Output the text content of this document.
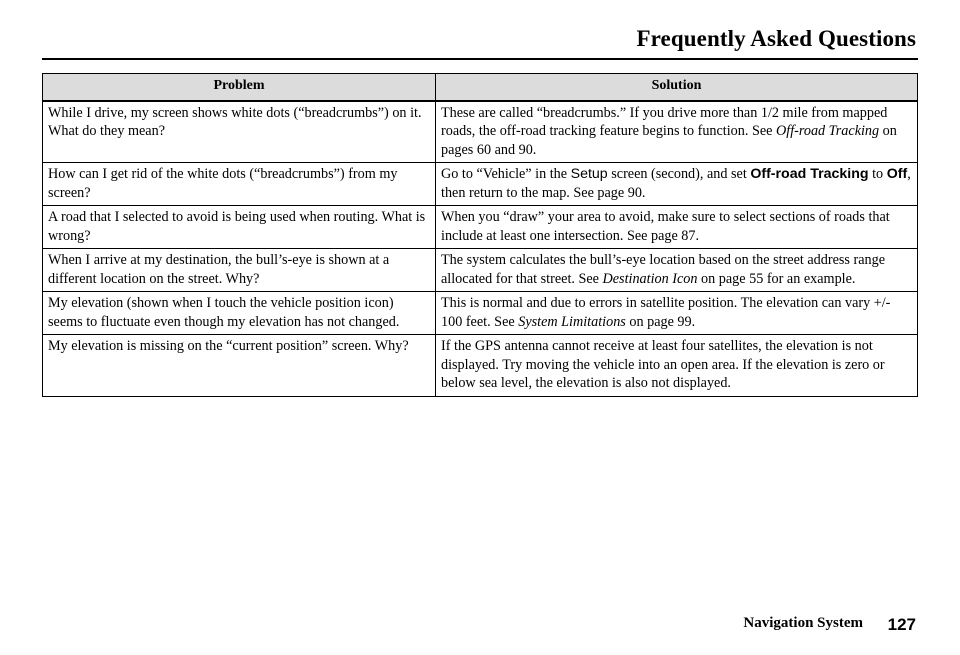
Frequently Asked Questions
Problem	Solution
While I drive, my screen shows white dots (“breadcrumbs”) on it. What do they mean?	These are called “breadcrumbs.” If you drive more than 1/2 mile from mapped roads, the off-road tracking feature begins to function. See Off-road Tracking on pages 60 and 90.
How can I get rid of the white dots (“breadcrumbs”) from my screen?	Go to “Vehicle” in the Setup screen (second), and set Off-road Tracking to Off, then return to the map. See page 90.
A road that I selected to avoid is being used when routing. What is wrong?	When you “draw” your area to avoid, make sure to select sections of roads that include at least one intersection. See page 87.
When I arrive at my destination, the bull’s-eye is shown at a different location on the street. Why?	The system calculates the bull’s-eye location based on the street address range allocated for that street. See Destination Icon on page 55 for an example.
My elevation (shown when I touch the vehicle position icon) seems to fluctuate even though my elevation has not changed.	This is normal and due to errors in satellite position. The elevation can vary +/- 100 feet. See System Limitations on page 99.
My elevation is missing on the “current position” screen. Why?	If the GPS antenna cannot receive at least four satellites, the elevation is not displayed. Try moving the vehicle into an open area. If the elevation is zero or below sea level, the elevation is also not displayed.
Navigation System 127
